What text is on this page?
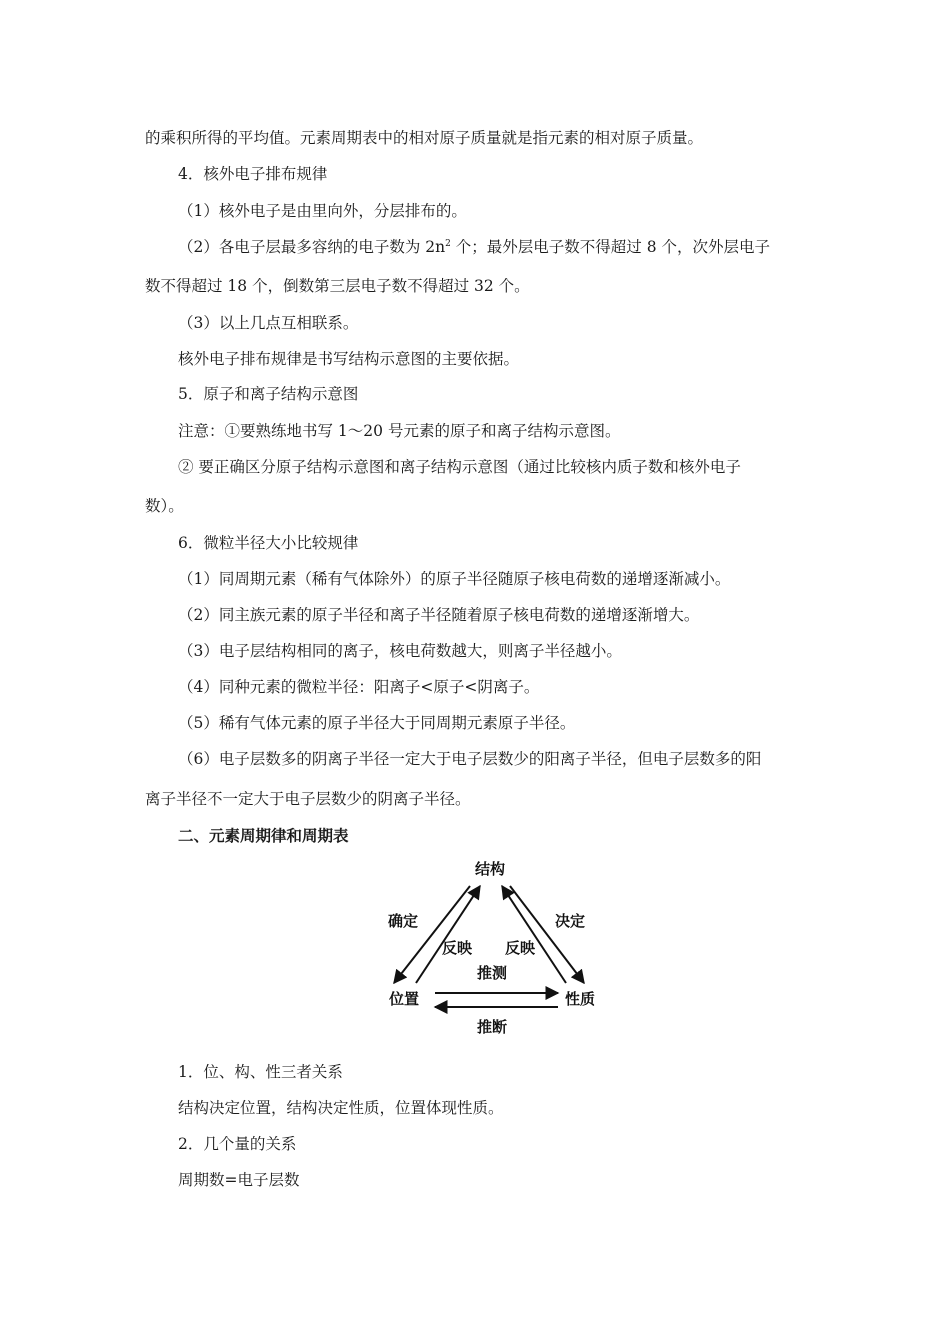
的乘积所得的平均值。元素周期表中的相对原子质量就是指元素的相对原子质量。
4．核外电子排布规律
（1）核外电子是由里向外，分层排布的。
（2）各电子层最多容纳的电子数为 $2n^2$ 个；最外层电子数不得超过 8 个，次外层电子
数不得超过 18 个，倒数第三层电子数不得超过 32 个。
（3）以上几点互相联系。
核外电子排布规律是书写结构示意图的主要依据。
5．原子和离子结构示意图
注意：①要熟练地书写 1～20 号元素的原子和离子结构示意图。
② 要正确区分原子结构示意图和离子结构示意图（通过比较核内质子数和核外电子
数）。
6．微粒半径大小比较规律
（1）同周期元素（稀有气体除外）的原子半径随原子核电荷数的递增逐渐减小。
（2）同主族元素的原子半径和离子半径随着原子核电荷数的递增逐渐增大。
（3）电子层结构相同的离子，核电荷数越大，则离子半径越小。
（4）同种元素的微粒半径：阳离子<原子<阴离子。
（5）稀有气体元素的原子半径大于同周期元素原子半径。
（6）电子层数多的阴离子半径一定大于电子层数少的阳离子半径，但电子层数多的阳
离子半径不一定大于电子层数少的阴离子半径。
二、元素周期律和周期表
结构
位置	性质
确定
反映 反映
决定
推测
推断
1．位、构、性三者关系
结构决定位置，结构决定性质，位置体现性质。
2．几个量的关系
周期数=电子层数
